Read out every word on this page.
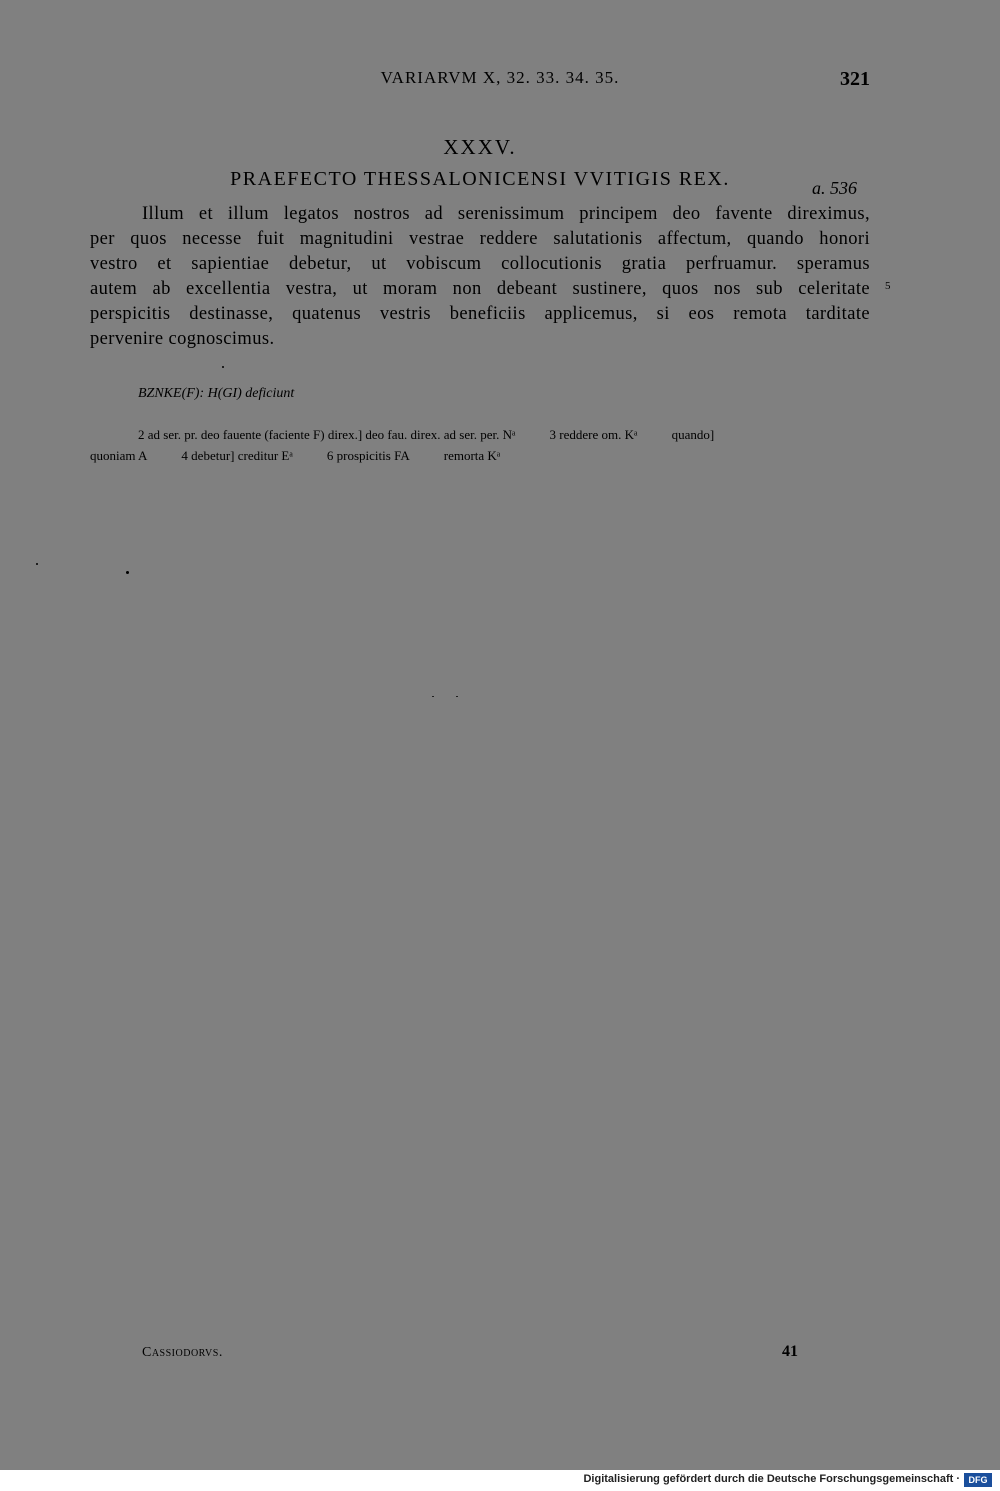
VARIARVM X, 32. 33. 34. 35.	321
XXXV.
PRAEFECTO THESSALONICENSI VVITIGIS REX.	a. 536
Illum et illum legatos nostros ad serenissimum principem deo favente direximus,
per quos necesse fuit magnitudini vestrae reddere salutationis affectum, quando honori
vestro et sapientiae debetur, ut vobiscum collocutionis gratia perfruamur. speramus
autem ab excellentia vestra, ut moram non debeant sustinere, quos nos sub celeritate
perspicitis destinasse, quatenus vestris beneficiis applicemus, si eos remota tarditate
pervenire cognoscimus.
5
BZNKE(F): H(GI) deficiunt
2 ad ser. pr. deo fauente (faciente F) direx.] deo fau. direx. ad ser. per. Nᵃ	3 reddere om. Kᵃ	quando]
quoniam A	4 debetur] creditur Eᵃ	6 prospicitis FA	remorta Kᵃ
Cassiodorvs.	41
Digitalisierung gefördert durch die Deutsche Forschungsgemeinschaft · DFG
